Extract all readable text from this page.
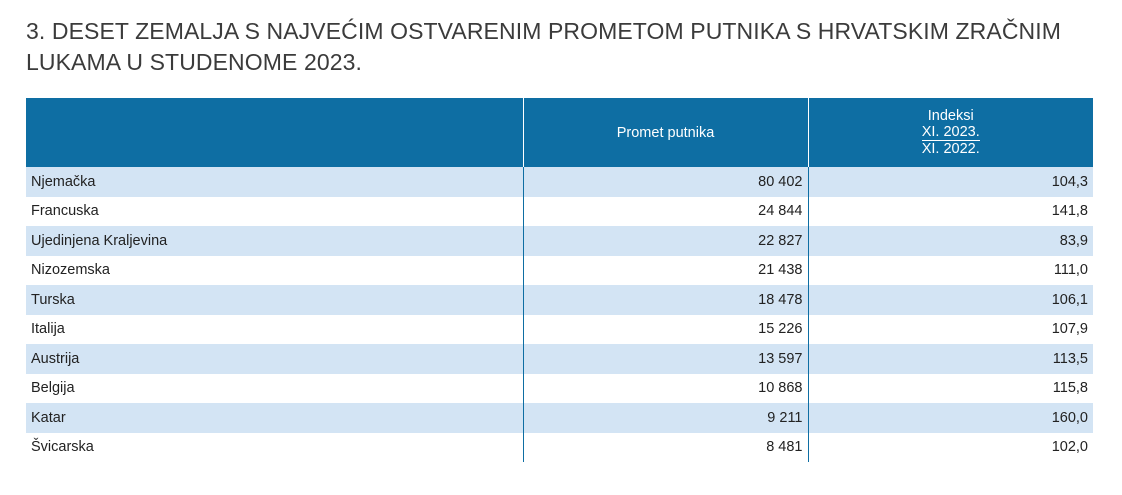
3. DESET ZEMALJA S NAJVEĆIM OSTVARENIM PROMETOM PUTNIKA S HRVATSKIM ZRAČNIM LUKAMA U STUDENOME 2023.
	Promet putnika	Indeksi
XI. 2023.
XI. 2022.

Njemačka	80 402	104,3
Francuska	24 844	141,8
Ujedinjena Kraljevina	22 827	83,9
Nizozemska	21 438	111,0
Turska	18 478	106,1
Italija	15 226	107,9
Austrija	13 597	113,5
Belgija	10 868	115,8
Katar	9 211	160,0
Švicarska	8 481	102,0
